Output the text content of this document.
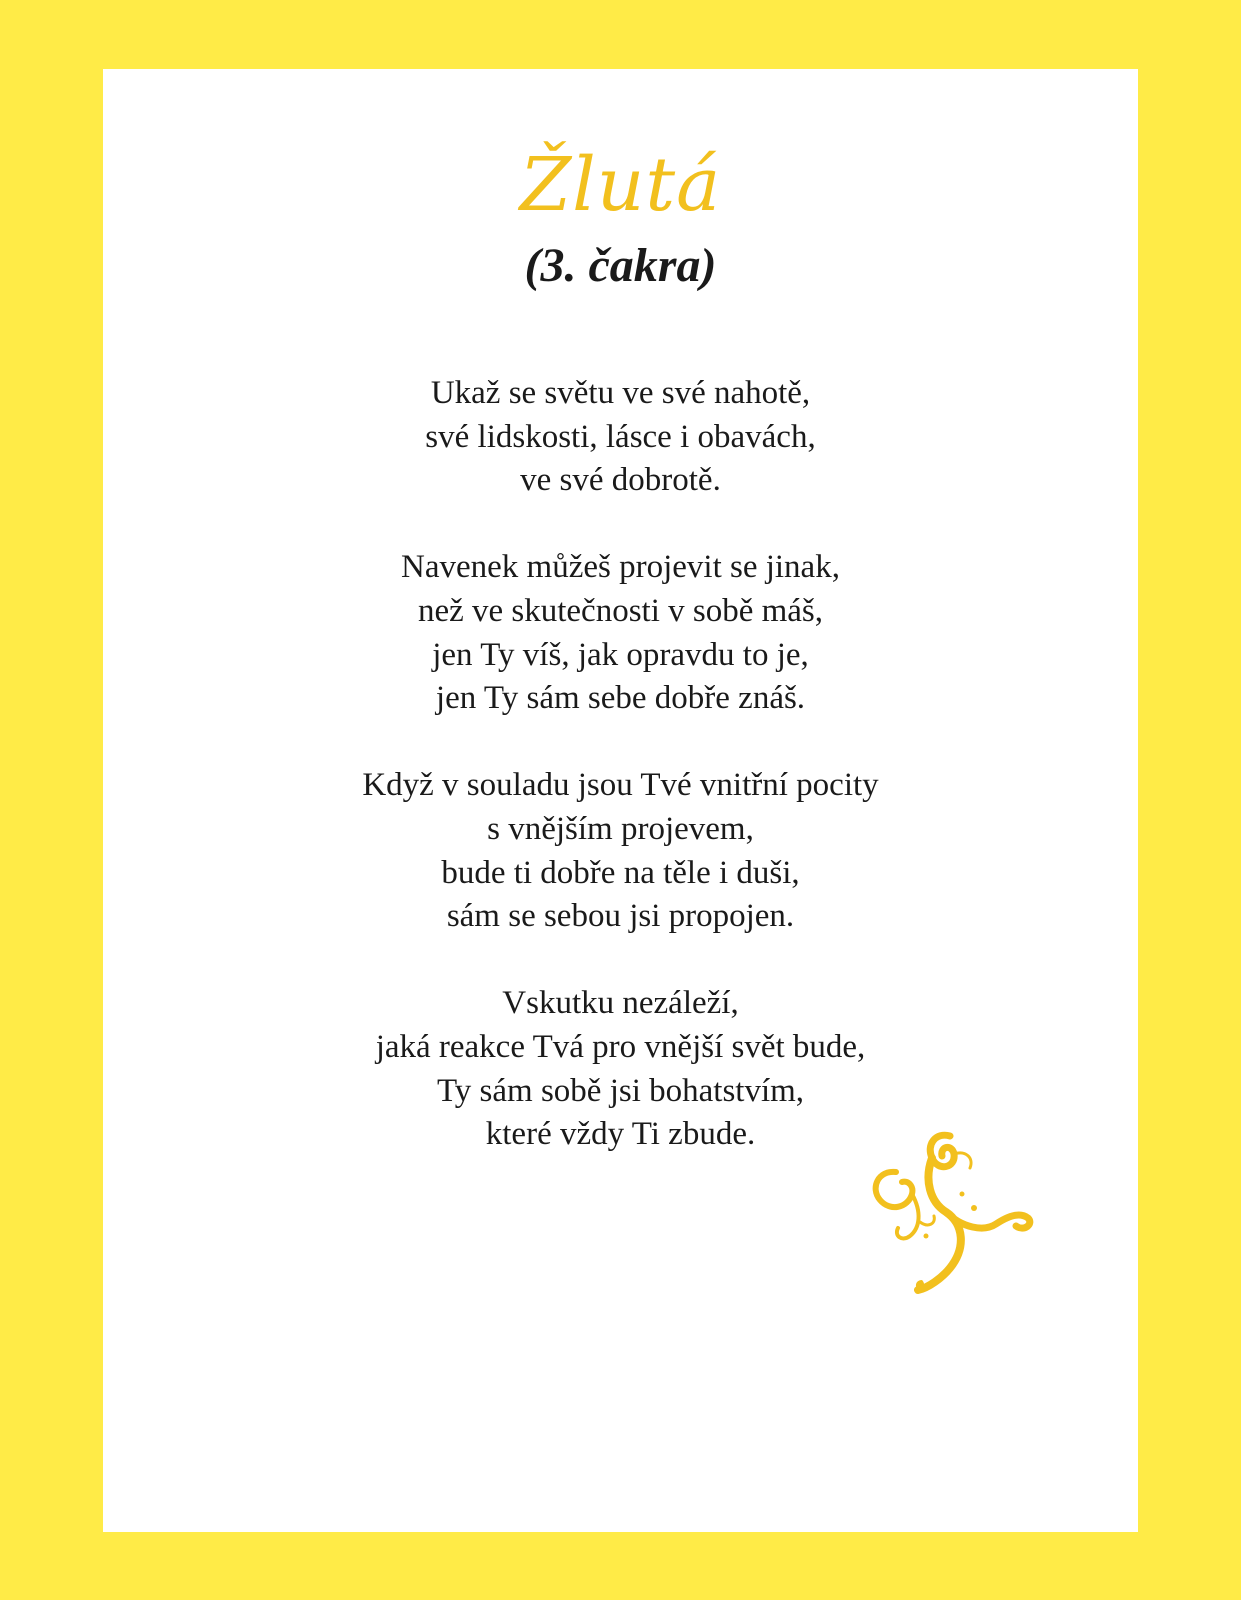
Žlutá
(3. čakra)

Ukaž se světu ve své nahotě,
své lidskosti, lásce i obavách,
ve své dobrotě.

Navenek můžeš projevit se jinak,
než ve skutečnosti v sobě máš,
jen Ty víš, jak opravdu to je,
jen Ty sám sebe dobře znáš.

Když v souladu jsou Tvé vnitřní pocity
s vnějším projevem,
bude ti dobře na těle i duši,
sám se sebou jsi propojen.

Vskutku nezáleží,
jaká reakce Tvá pro vnější svět bude,
Ty sám sobě jsi bohatstvím,
které vždy Ti zbude.
